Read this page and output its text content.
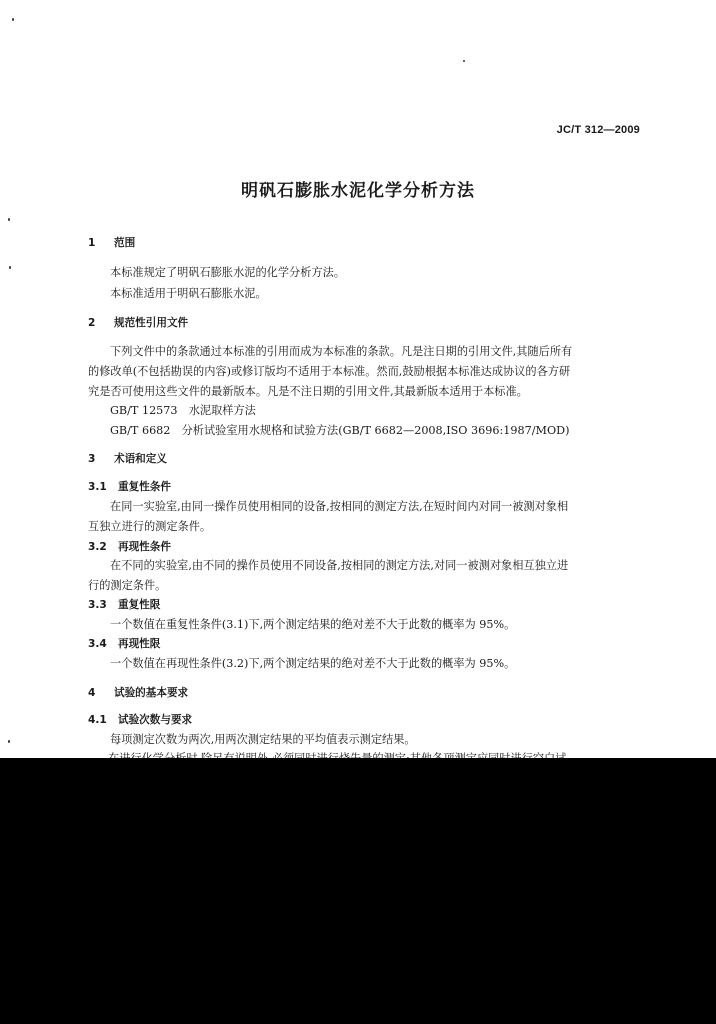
JC/T 312—2009
明矾石膨胀水泥化学分析方法
1 范围
本标准规定了明矾石膨胀水泥的化学分析方法。
本标准适用于明矾石膨胀水泥。
2 规范性引用文件
下列文件中的条款通过本标准的引用而成为本标准的条款。凡是注日期的引用文件,其随后所有
的修改单(不包括勘误的内容)或修订版均不适用于本标准。然而,鼓励根据本标准达成协议的各方研
究是否可使用这些文件的最新版本。凡是不注日期的引用文件,其最新版本适用于本标准。
GB/T 12573　水泥取样方法
GB/T 6682　分析试验室用水规格和试验方法(GB/T 6682—2008,ISO 3696:1987/MOD)
3 术语和定义
3.1 重复性条件
在同一实验室,由同一操作员使用相同的设备,按相同的测定方法,在短时间内对同一被测对象相
互独立进行的测定条件。
3.2 再现性条件
在不同的实验室,由不同的操作员使用不同设备,按相同的测定方法,对同一被测对象相互独立进
行的测定条件。
3.3 重复性限
一个数值在重复性条件(3.1)下,两个测定结果的绝对差不大于此数的概率为 95%。
3.4 再现性限
一个数值在再现性条件(3.2)下,两个测定结果的绝对差不大于此数的概率为 95%。
4 试验的基本要求
4.1 试验次数与要求
每项测定次数为两次,用两次测定结果的平均值表示测定结果。
